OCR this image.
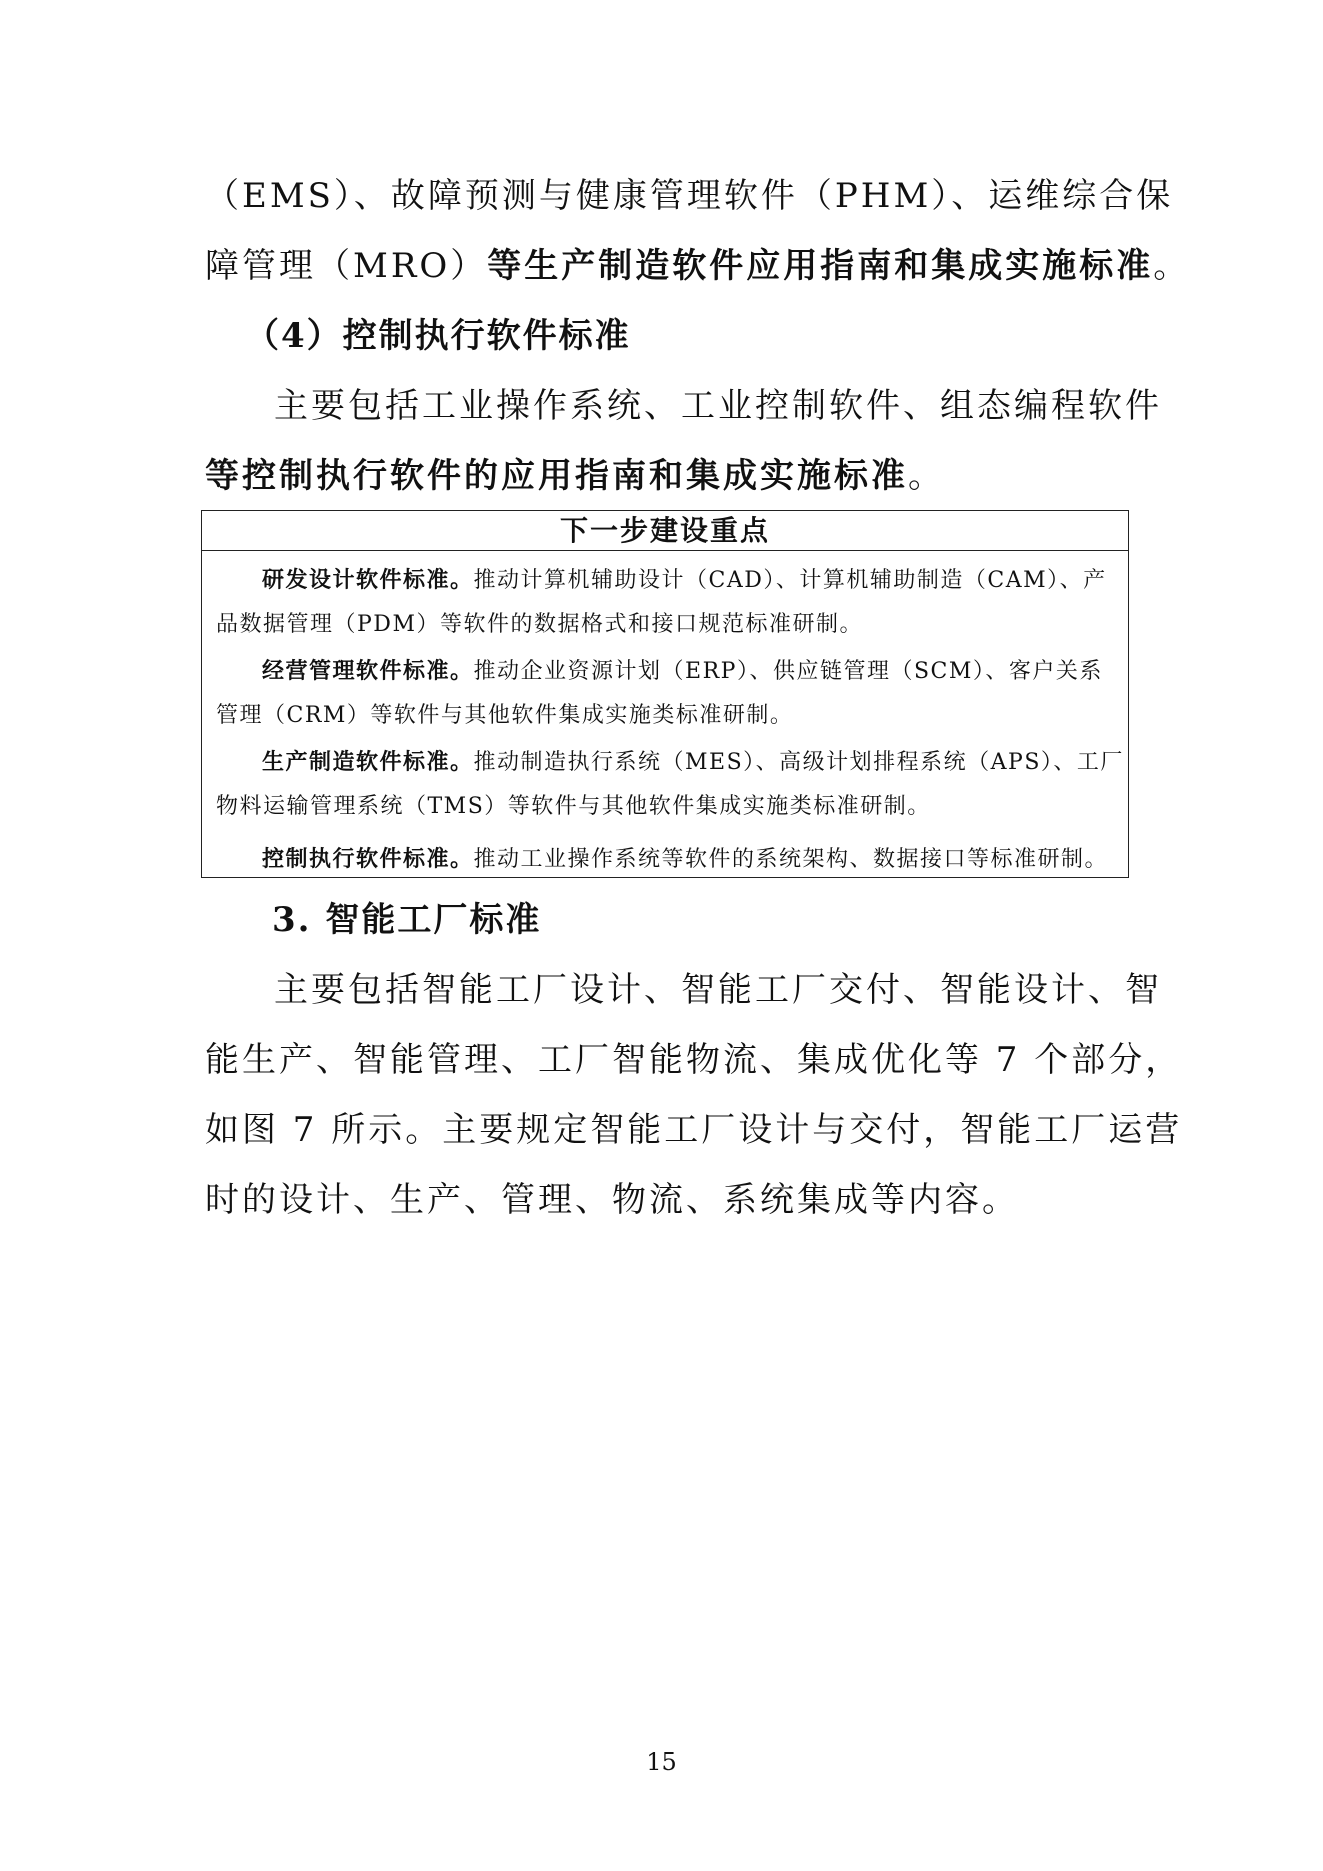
（EMS）、故障预测与健康管理软件（PHM）、运维综合保
障管理（MRO）等生产制造软件应用指南和集成实施标准。
（4）控制执行软件标准
主要包括工业操作系统、工业控制软件、组态编程软件
等控制执行软件的应用指南和集成实施标准。
下一步建设重点
研发设计软件标准。推动计算机辅助设计（CAD）、计算机辅助制造（CAM）、产
品数据管理（PDM）等软件的数据格式和接口规范标准研制。
经营管理软件标准。推动企业资源计划（ERP）、供应链管理（SCM）、客户关系
管理（CRM）等软件与其他软件集成实施类标准研制。
生产制造软件标准。推动制造执行系统（MES）、高级计划排程系统（APS）、工厂
物料运输管理系统（TMS）等软件与其他软件集成实施类标准研制。
控制执行软件标准。推动工业操作系统等软件的系统架构、数据接口等标准研制。
3. 智能工厂标准
主要包括智能工厂设计、智能工厂交付、智能设计、智
能生产、智能管理、工厂智能物流、集成优化等 7 个部分，
如图 7 所示。主要规定智能工厂设计与交付，智能工厂运营
时的设计、生产、管理、物流、系统集成等内容。
15
